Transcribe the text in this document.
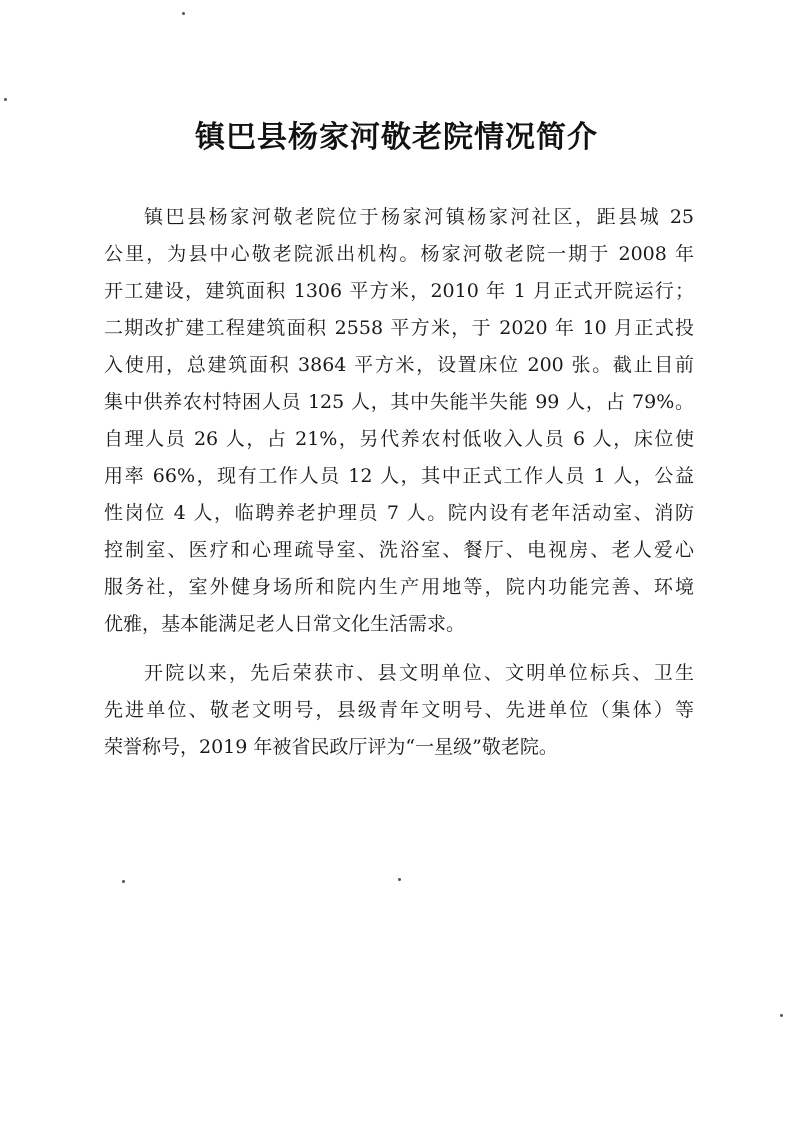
镇巴县杨家河敬老院情况简介
镇巴县杨家河敬老院位于杨家河镇杨家河社区，距县城 25
公里，为县中心敬老院派出机构。杨家河敬老院一期于 2008 年
开工建设，建筑面积 1306 平方米，2010 年 1 月正式开院运行；
二期改扩建工程建筑面积 2558 平方米，于 2020 年 10 月正式投
入使用，总建筑面积 3864 平方米，设置床位 200 张。截止目前
集中供养农村特困人员 125 人，其中失能半失能 99 人，占 79%。
自理人员 26 人，占 21%，另代养农村低收入人员 6 人，床位使
用率 66%，现有工作人员 12 人，其中正式工作人员 1 人，公益
性岗位 4 人，临聘养老护理员 7 人。院内设有老年活动室、消防
控制室、医疗和心理疏导室、洗浴室、餐厅、电视房、老人爱心
服务社，室外健身场所和院内生产用地等，院内功能完善、环境
优雅，基本能满足老人日常文化生活需求。
开院以来，先后荣获市、县文明单位、文明单位标兵、卫生
先进单位、敬老文明号，县级青年文明号、先进单位（集体）等
荣誉称号，2019 年被省民政厅评为“一星级”敬老院。
